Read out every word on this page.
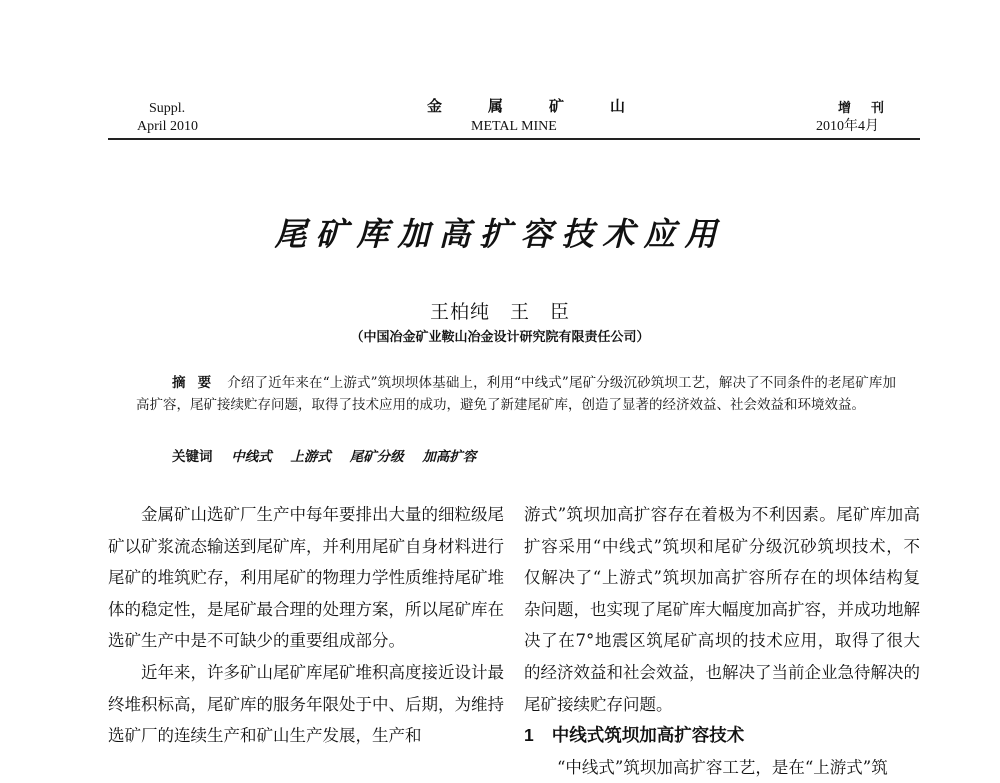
Suppl.
April 2010
金属矿山
METAL MINE
增刊
2010年4月
尾矿库加高扩容技术应用
王柏纯　王　臣
（中国冶金矿业鞍山冶金设计研究院有限责任公司）
摘要 介绍了近年来在“上游式”筑坝坝体基础上，利用“中线式”尾矿分级沉砂筑坝工艺，解决了不同条件的老尾矿库加高扩容，尾矿接续贮存问题，取得了技术应用的成功，避免了新建尾矿库，创造了显著的经济效益、社会效益和环境效益。
关键词 中线式 上游式 尾矿分级 加高扩容

金属矿山选矿厂生产中每年要排出大量的细粒级尾矿以矿浆流态输送到尾矿库，并利用尾矿自身材料进行尾矿的堆筑贮存，利用尾矿的物理力学性质维持尾矿堆体的稳定性，是尾矿最合理的处理方案，所以尾矿库在选矿生产中是不可缺少的重要组成部分。

近年来，许多矿山尾矿库尾矿堆积高度接近设计最终堆积标高，尾矿库的服务年限处于中、后期，为维持选矿厂的连续生产和矿山生产发展，生产和

游式”筑坝加高扩容存在着极为不利因素。尾矿库加高扩容采用“中线式”筑坝和尾矿分级沉砂筑坝技术，不仅解决了“上游式”筑坝加高扩容所存在的坝体结构复杂问题，也实现了尾矿库大幅度加高扩容，并成功地解决了在7°地震区筑尾矿高坝的技术应用，取得了很大的经济效益和社会效益，也解决了当前企业急待解决的尾矿接续贮存问题。

1 中线式筑坝加高扩容技术

“中线式”筑坝加高扩容工艺，是在“上游式”筑
